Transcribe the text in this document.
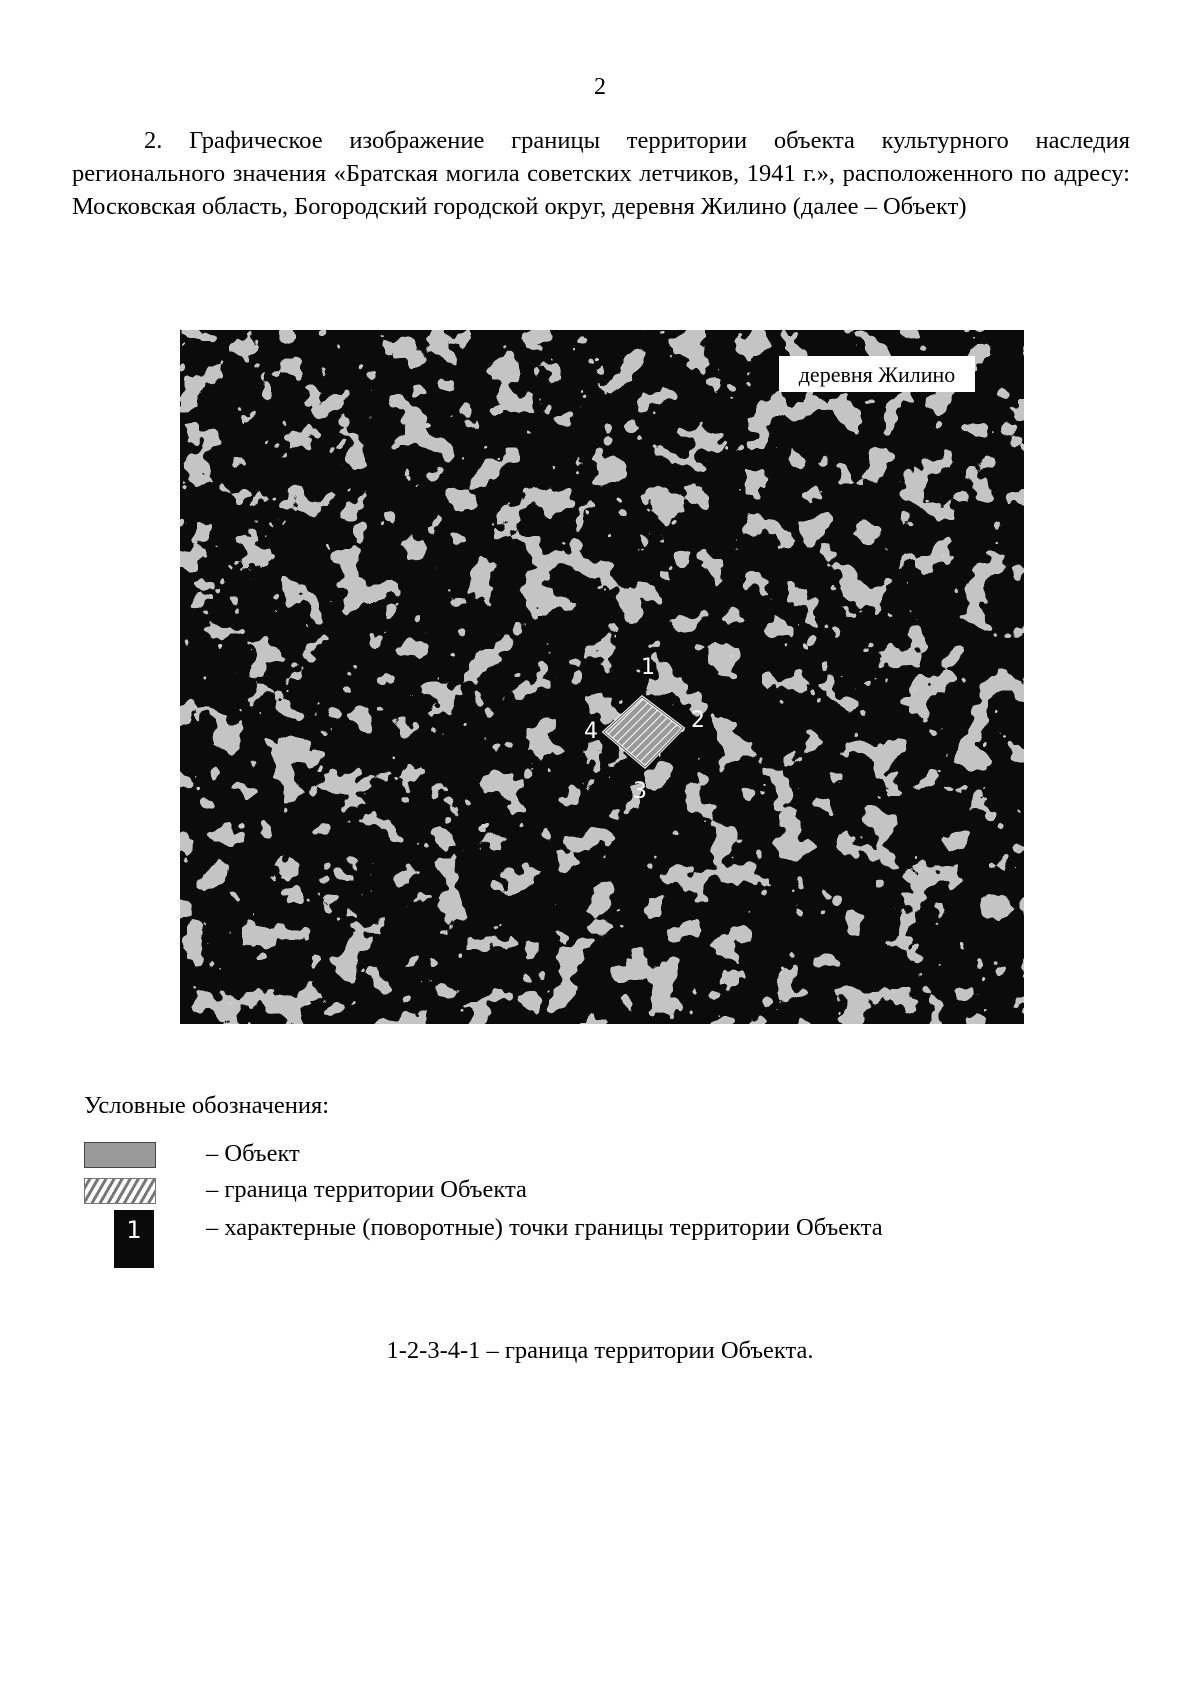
2
2. Графическое изображение границы территории объекта культурного наследия регионального значения «Братская могила советских летчиков, 1941 г.», расположенного по адресу: Московская область, Богородский городской округ, деревня Жилино (далее – Объект)
деревня Жилино
1
2
3
4
Условные обозначения:
– Объект
– граница территории Объекта
1	– характерные (поворотные) точки границы территории Объекта
1-2-3-4-1 – граница территории Объекта.
